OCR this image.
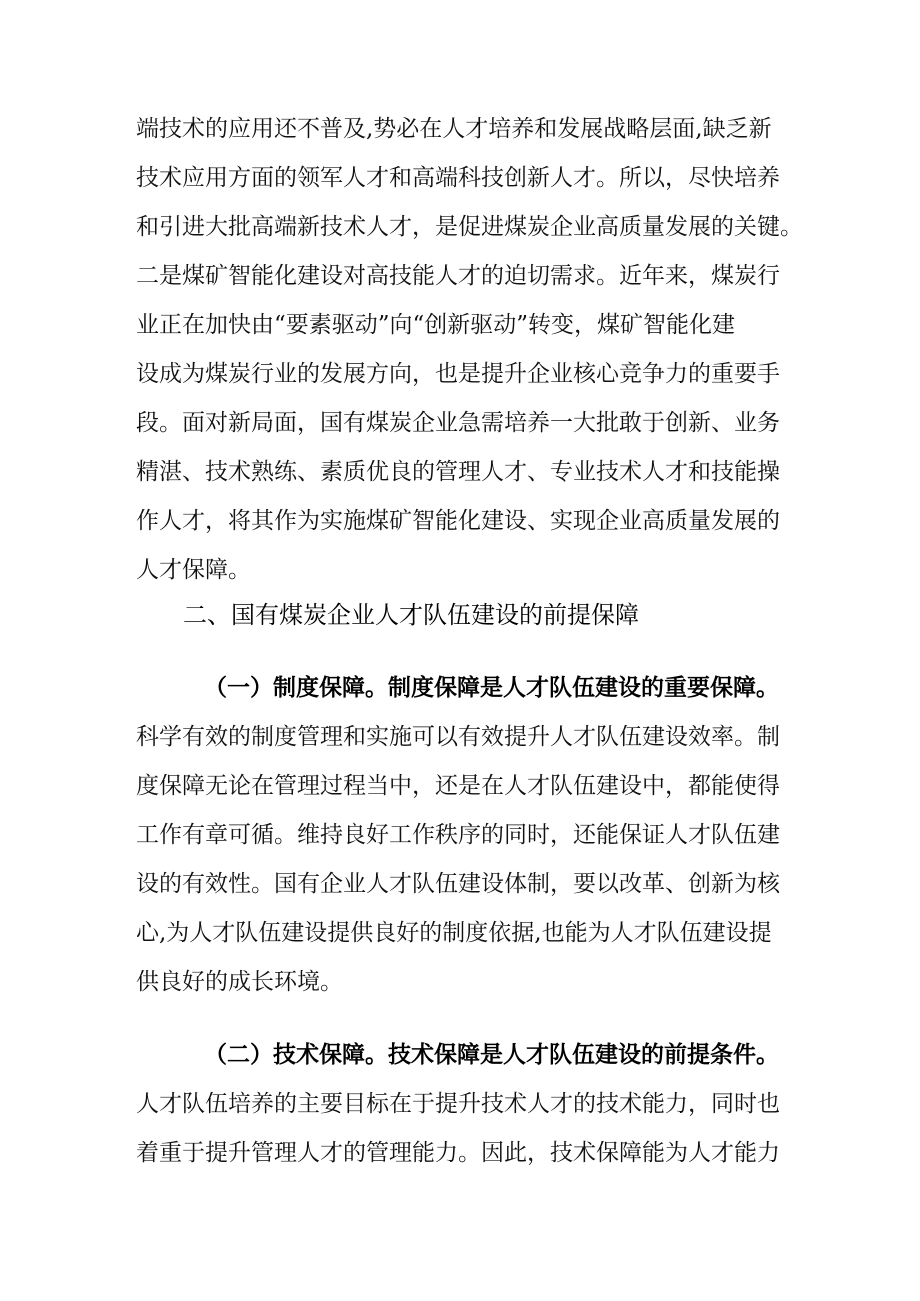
端技术的应用还不普及,势必在人才培养和发展战略层面,缺乏新
技术应用方面的领军人才和高端科技创新人才。所以，尽快培养
和引进大批高端新技术人才，是促进煤炭企业高质量发展的关键。
二是煤矿智能化建设对高技能人才的迫切需求。近年来，煤炭行
业正在加快由“要素驱动”向“创新驱动”转变，煤矿智能化建
设成为煤炭行业的发展方向，也是提升企业核心竞争力的重要手
段。面对新局面，国有煤炭企业急需培养一大批敢于创新、业务
精湛、技术熟练、素质优良的管理人才、专业技术人才和技能操
作人才，将其作为实施煤矿智能化建设、实现企业高质量发展的
人才保障。
二、国有煤炭企业人才队伍建设的前提保障
（一）制度保障。制度保障是人才队伍建设的重要保障。
科学有效的制度管理和实施可以有效提升人才队伍建设效率。制
度保障无论在管理过程当中，还是在人才队伍建设中，都能使得
工作有章可循。维持良好工作秩序的同时，还能保证人才队伍建
设的有效性。国有企业人才队伍建设体制，要以改革、创新为核
心,为人才队伍建设提供良好的制度依据,也能为人才队伍建设提
供良好的成长环境。
（二）技术保障。技术保障是人才队伍建设的前提条件。
人才队伍培养的主要目标在于提升技术人才的技术能力，同时也
着重于提升管理人才的管理能力。因此，技术保障能为人才能力
